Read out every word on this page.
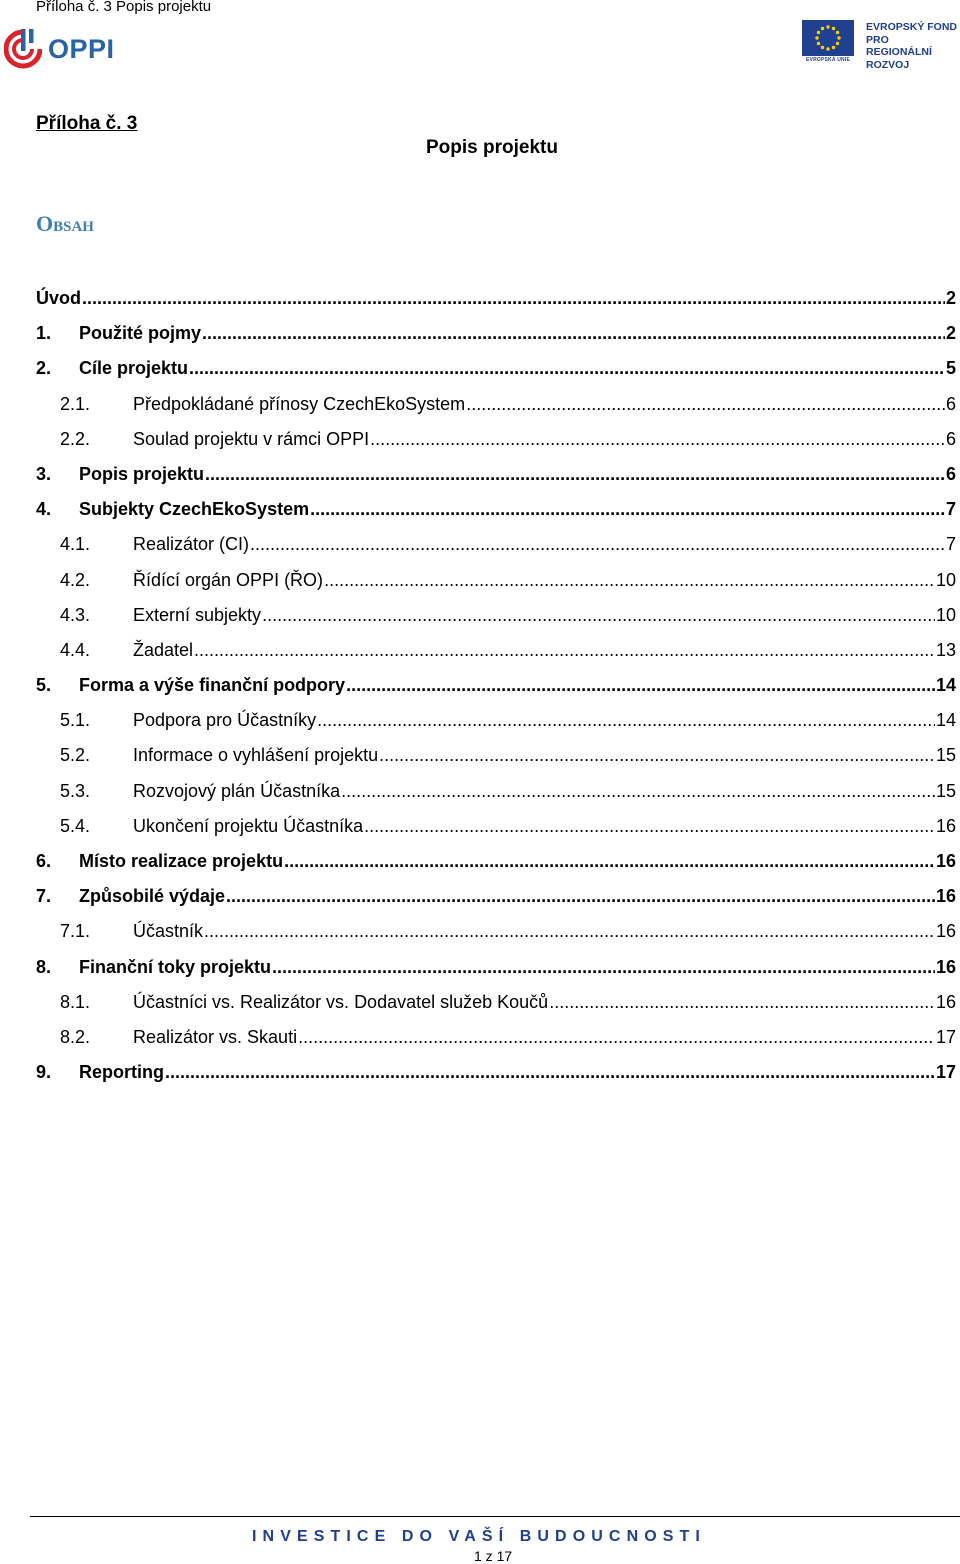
Příloha č. 3 Popis projektu
OPPI	EVROPSKÁ UNIE
EVROPSKÝ FOND
PRO REGIONÁLNÍ
ROZVOJ
Příloha č. 3
Popis projektu
Obsah
Úvod .....	2
1.	Použité pojmy .....	2
2.	Cíle projektu .....	5
2.1.	Předpokládané přínosy CzechEkoSystem .....	6
2.2.	Soulad projektu v rámci OPPI .....	6
3.	Popis projektu .....	6
4.	Subjekty CzechEkoSystem .....	7
4.1.	Realizátor (CI) .....	7
4.2.	Řídící orgán OPPI (ŘO) .....	10
4.3.	Externí subjekty .....	10
4.4.	Žadatel .....	13
5.	Forma a výše finanční podpory .....	14
5.1.	Podpora pro Účastníky .....	14
5.2.	Informace o vyhlášení projektu .....	15
5.3.	Rozvojový plán Účastníka .....	15
5.4.	Ukončení projektu Účastníka .....	16
6.	Místo realizace projektu .....	16
7.	Způsobilé výdaje .....	16
7.1.	Účastník .....	16
8.	Finanční toky projektu .....	16
8.1.	Účastníci vs. Realizátor vs. Dodavatel služeb Koučů .....	16
8.2.	Realizátor vs. Skauti .....	17
9.	Reporting .....	17
INVESTICE DO VAŠÍ BUDOUCNOSTI
1 z 17
